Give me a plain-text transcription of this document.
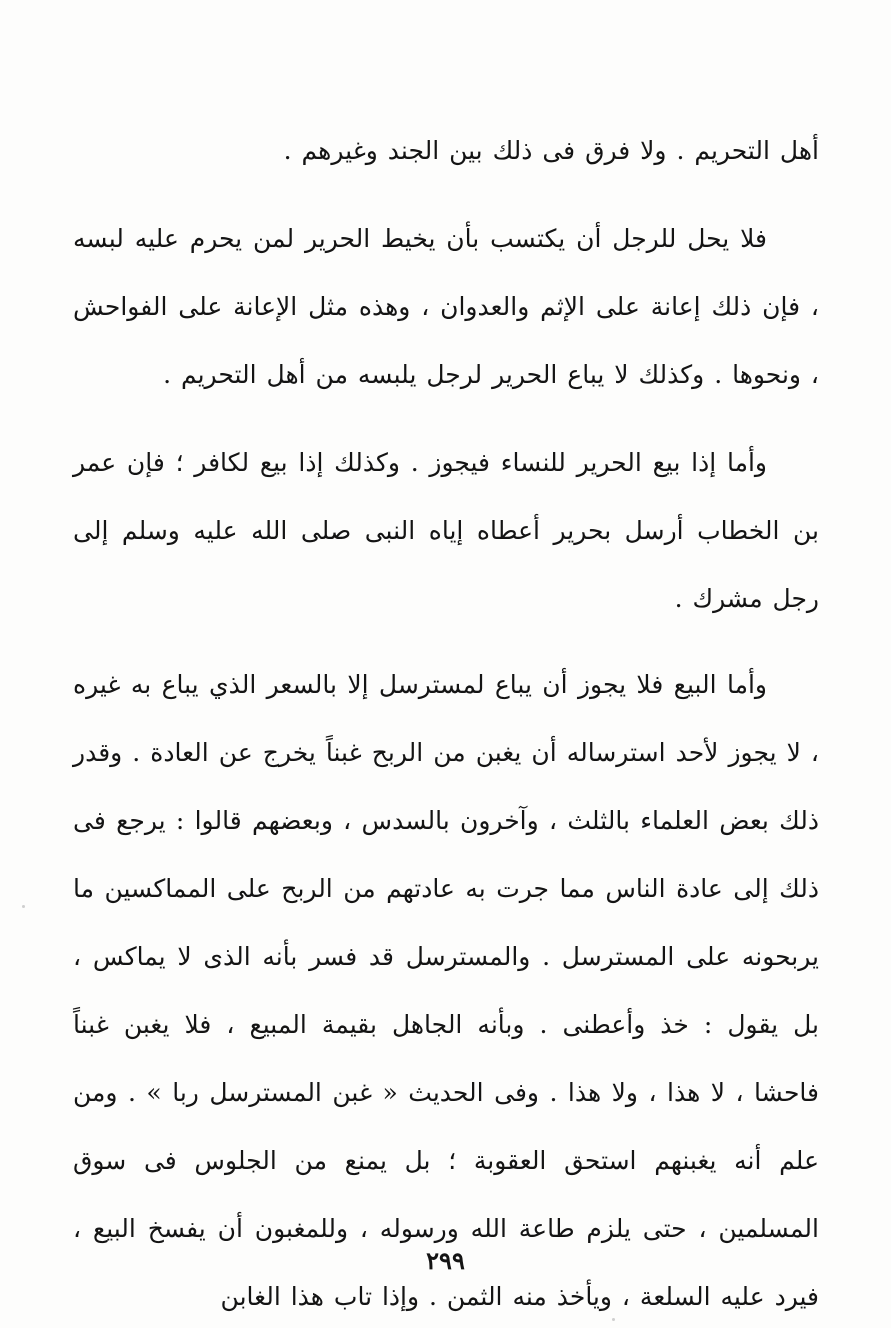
أهل التحريم . ولا فرق فى ذلك بين الجند وغيرهم .

فلا يحل للرجل أن يكتسب بأن يخيط الحرير لمن يحرم عليه لبسه ، فإن ذلك إعانة على الإثم والعدوان ، وهذه مثل الإعانة على الفواحش ، ونحوها . وكذلك لا يباع الحرير لرجل يلبسه من أهل التحريم .

وأما إذا بيع الحرير للنساء فيجوز . وكذلك إذا بيع لكافر ؛ فإن عمر بن الخطاب أرسل بحرير أعطاه إياه النبى صلى الله عليه وسلم إلى رجل مشرك .

وأما البيع فلا يجوز أن يباع لمسترسل إلا بالسعر الذي يباع به غيره ، لا يجوز لأحد استرساله أن يغبن من الربح غبناً يخرج عن العادة . وقدر ذلك بعض العلماء بالثلث ، وآخرون بالسدس ، وبعضهم قالوا : يرجع فى ذلك إلى عادة الناس مما جرت به عادتهم من الربح على المماكسين ما يربحونه على المسترسل . والمسترسل قد فسر بأنه الذى لا يماكس ، بل يقول : خذ وأعطنى . وبأنه الجاهل بقيمة المبيع ، فلا يغبن غبناً فاحشا ، لا هذا ، ولا هذا . وفى الحديث « غبن المسترسل ربا » . ومن علم أنه يغبنهم استحق العقوبة ؛ بل يمنع من الجلوس فى سوق المسلمين ، حتى يلزم طاعة الله ورسوله ، وللمغبون أن يفسخ البيع ، فيرد عليه السلعة ، ويأخذ منه الثمن . وإذا تاب هذا الغابن

٢٩٩
